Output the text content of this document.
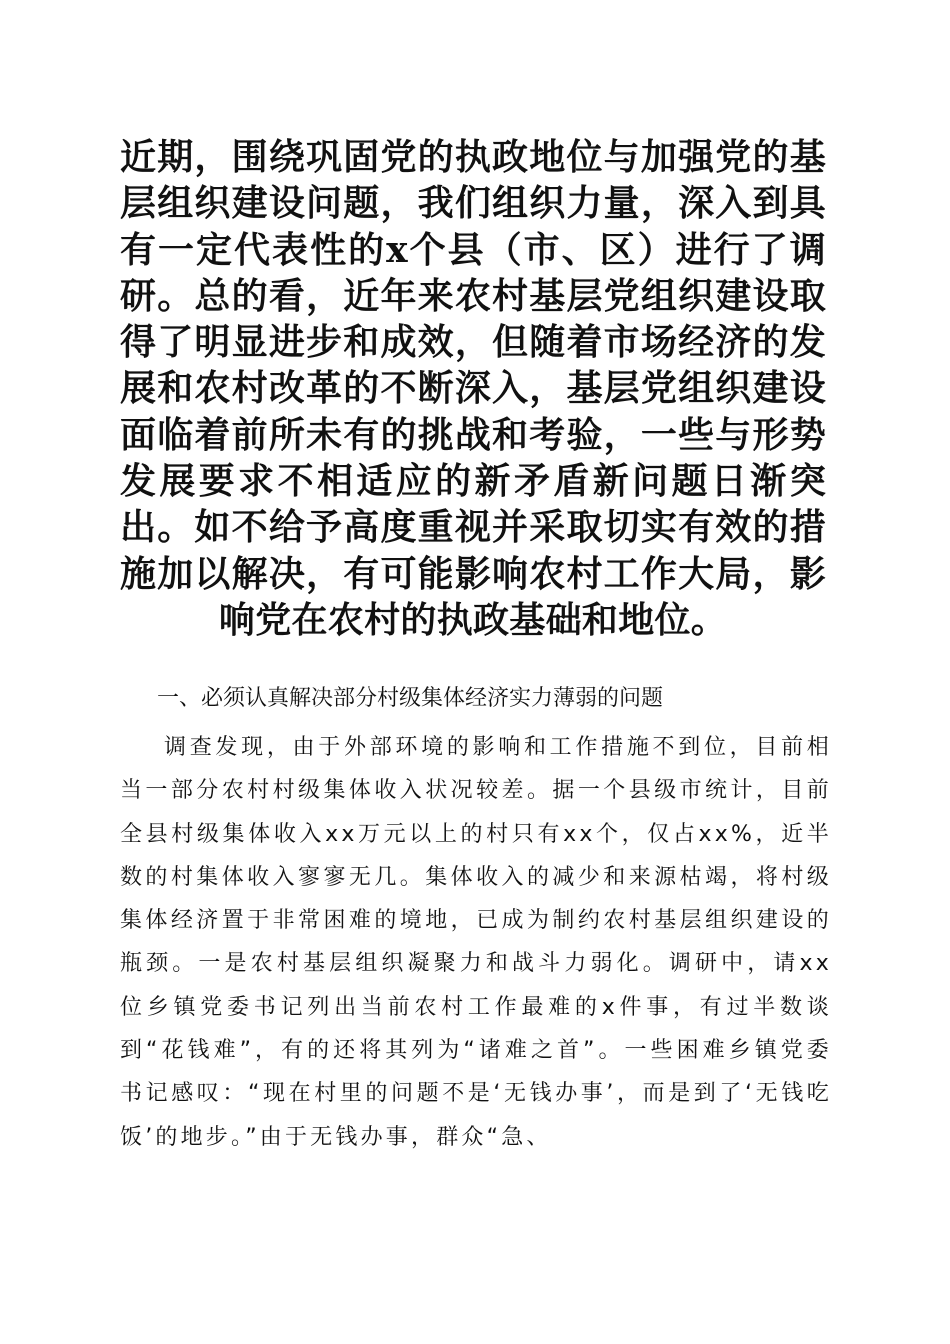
近期，围绕巩固党的执政地位与加强党的基层组织建设问题，我们组织力量，深入到具有一定代表性的x个县（市、区）进行了调研。总的看，近年来农村基层党组织建设取得了明显进步和成效，但随着市场经济的发展和农村改革的不断深入，基层党组织建设面临着前所未有的挑战和考验，一些与形势发展要求不相适应的新矛盾新问题日渐突出。如不给予高度重视并采取切实有效的措施加以解决，有可能影响农村工作大局，影响党在农村的执政基础和地位。

一、必须认真解决部分村级集体经济实力薄弱的问题

调查发现，由于外部环境的影响和工作措施不到位，目前相当一部分农村村级集体收入状况较差。据一个县级市统计，目前全县村级集体收入xx万元以上的村只有xx个，仅占xx%，近半数的村集体收入寥寥无几。集体收入的减少和来源枯竭，将村级集体经济置于非常困难的境地，已成为制约农村基层组织建设的瓶颈。一是农村基层组织凝聚力和战斗力弱化。调研中，请xx位乡镇党委书记列出当前农村工作最难的x件事，有过半数谈到“花钱难”，有的还将其列为“诸难之首”。一些困难乡镇党委书记感叹：“现在村里的问题不是‘无钱办事’，而是到了‘无钱吃饭’的地步。”由于无钱办事，群众“急、
